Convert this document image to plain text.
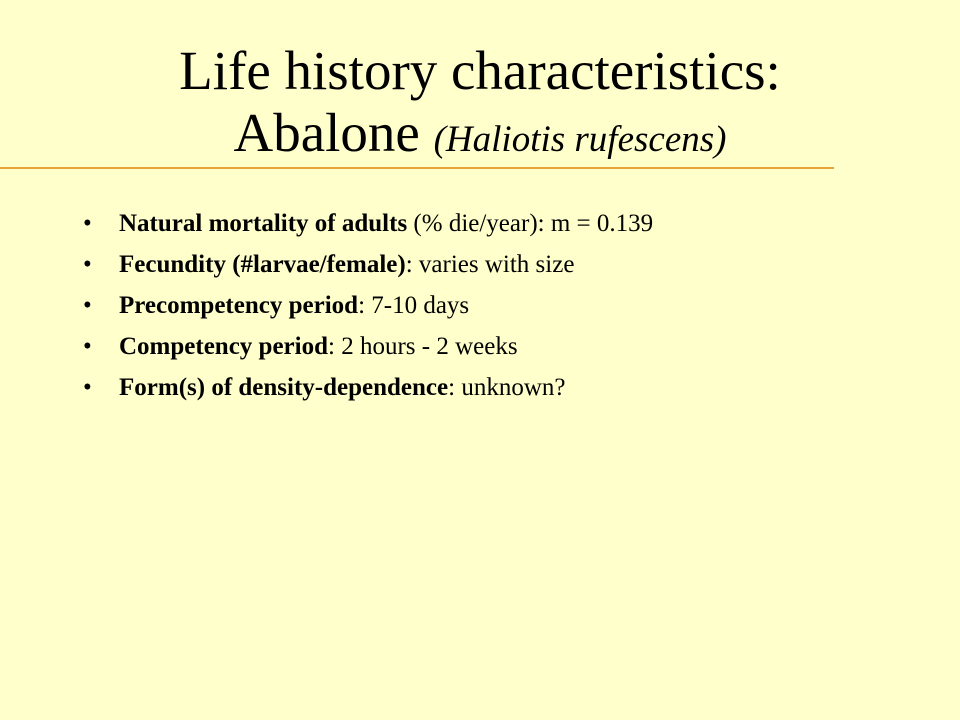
Life history characteristics:
Abalone (Haliotis rufescens)
• Natural mortality of adults (% die/year): m = 0.139
• Fecundity (#larvae/female): varies with size
• Precompetency period: 7-10 days
• Competency period: 2 hours - 2 weeks
• Form(s) of density-dependence: unknown?
